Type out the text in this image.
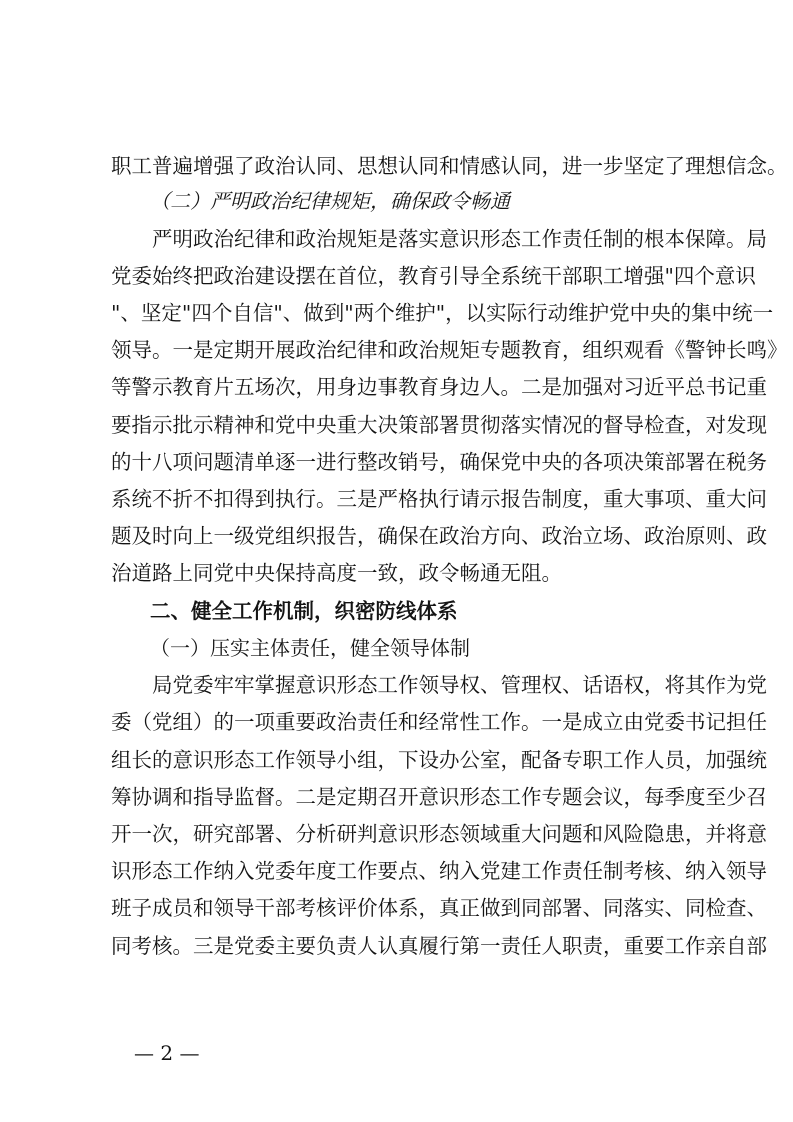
职工普遍增强了政治认同、思想认同和情感认同，进一步坚定了理想信念。
（二）严明政治纪律规矩，确保政令畅通
　　严明政治纪律和政治规矩是落实意识形态工作责任制的根本保障。局
党委始终把政治建设摆在首位，教育引导全系统干部职工增强"四个意识
"、坚定"四个自信"、做到"两个维护"，以实际行动维护党中央的集中统一
领导。一是定期开展政治纪律和政治规矩专题教育，组织观看《警钟长鸣》
等警示教育片五场次，用身边事教育身边人。二是加强对习近平总书记重
要指示批示精神和党中央重大决策部署贯彻落实情况的督导检查，对发现
的十八项问题清单逐一进行整改销号，确保党中央的各项决策部署在税务
系统不折不扣得到执行。三是严格执行请示报告制度，重大事项、重大问
题及时向上一级党组织报告，确保在政治方向、政治立场、政治原则、政
治道路上同党中央保持高度一致，政令畅通无阻。
二、健全工作机制，织密防线体系
（一）压实主体责任，健全领导体制
　　局党委牢牢掌握意识形态工作领导权、管理权、话语权，将其作为党
委（党组）的一项重要政治责任和经常性工作。一是成立由党委书记担任
组长的意识形态工作领导小组，下设办公室，配备专职工作人员，加强统
筹协调和指导监督。二是定期召开意识形态工作专题会议，每季度至少召
开一次，研究部署、分析研判意识形态领域重大问题和风险隐患，并将意
识形态工作纳入党委年度工作要点、纳入党建工作责任制考核、纳入领导
班子成员和领导干部考核评价体系，真正做到同部署、同落实、同检查、
同考核。三是党委主要负责人认真履行第一责任人职责，重要工作亲自部
— 2 —
